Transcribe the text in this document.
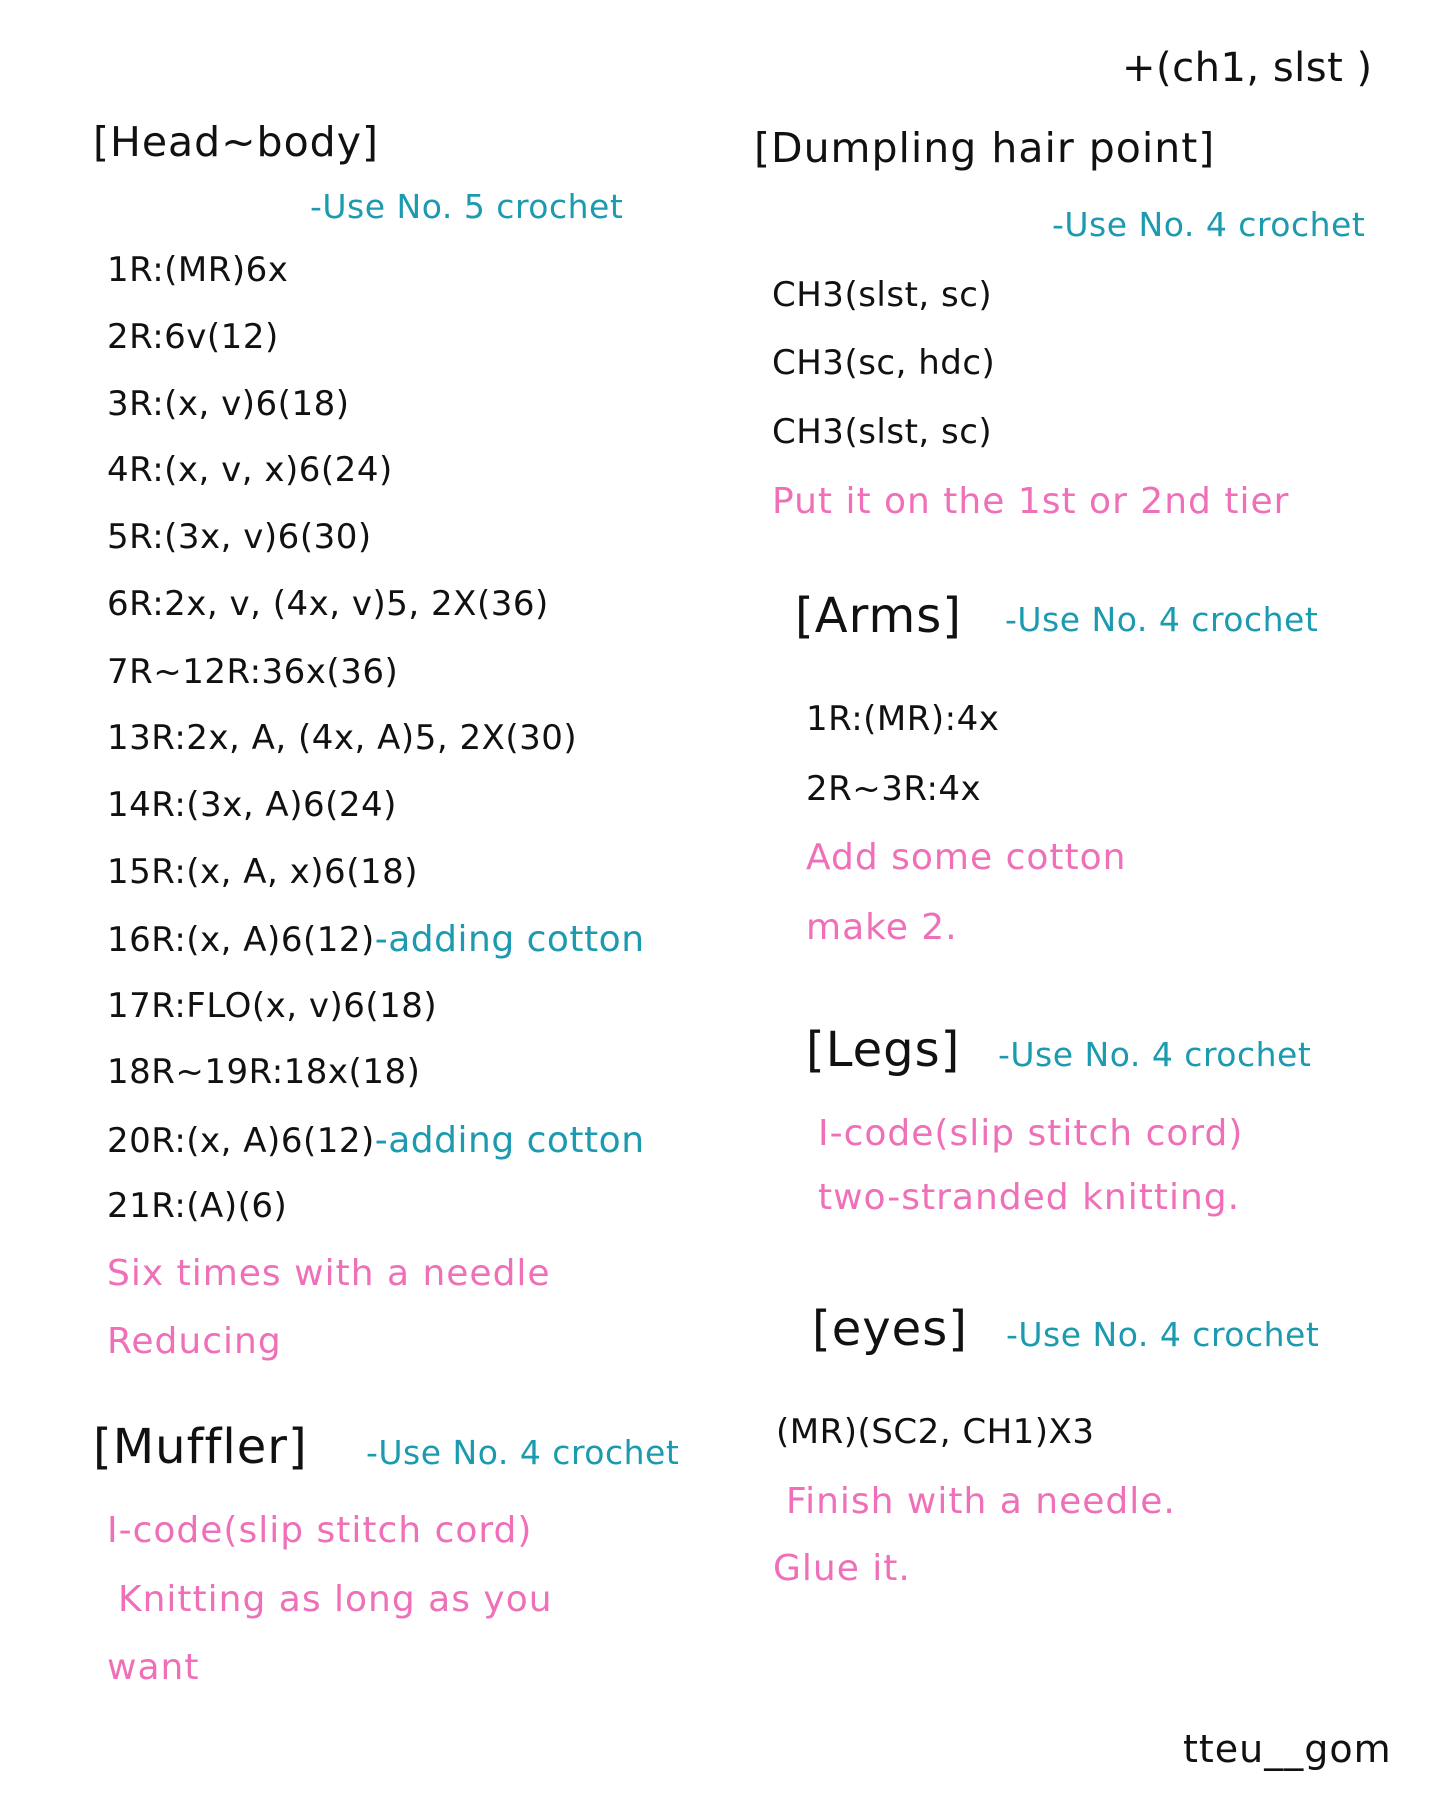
+(ch1, slst )
[Head~body]
-Use No. 5 crochet
1R:(MR)6x
2R:6v(12)
3R:(x, v)6(18)
4R:(x, v, x)6(24)
5R:(3x, v)6(30)
6R:2x, v, (4x, v)5, 2X(36)
7R~12R:36x(36)
13R:2x, A, (4x, A)5, 2X(30)
14R:(3x, A)6(24)
15R:(x, A, x)6(18)
16R:(x, A)6(12)-adding cotton
17R:FLO(x, v)6(18)
18R~19R:18x(18)
20R:(x, A)6(12)-adding cotton
21R:(A)(6)
Six times with a needle
Reducing
[Muffler] -Use No. 4 crochet
I-code(slip stitch cord)
Knitting as long as you
want
[Dumpling hair point]
-Use No. 4 crochet
CH3(slst, sc)
CH3(sc, hdc)
CH3(slst, sc)
Put it on the 1st or 2nd tier
[Arms] -Use No. 4 crochet
1R:(MR):4x
2R~3R:4x
Add some cotton
make 2.
[Legs] -Use No. 4 crochet
I-code(slip stitch cord)
two-stranded knitting.
[eyes] -Use No. 4 crochet
(MR)(SC2, CH1)X3
Finish with a needle.
Glue it.
tteu__gom
